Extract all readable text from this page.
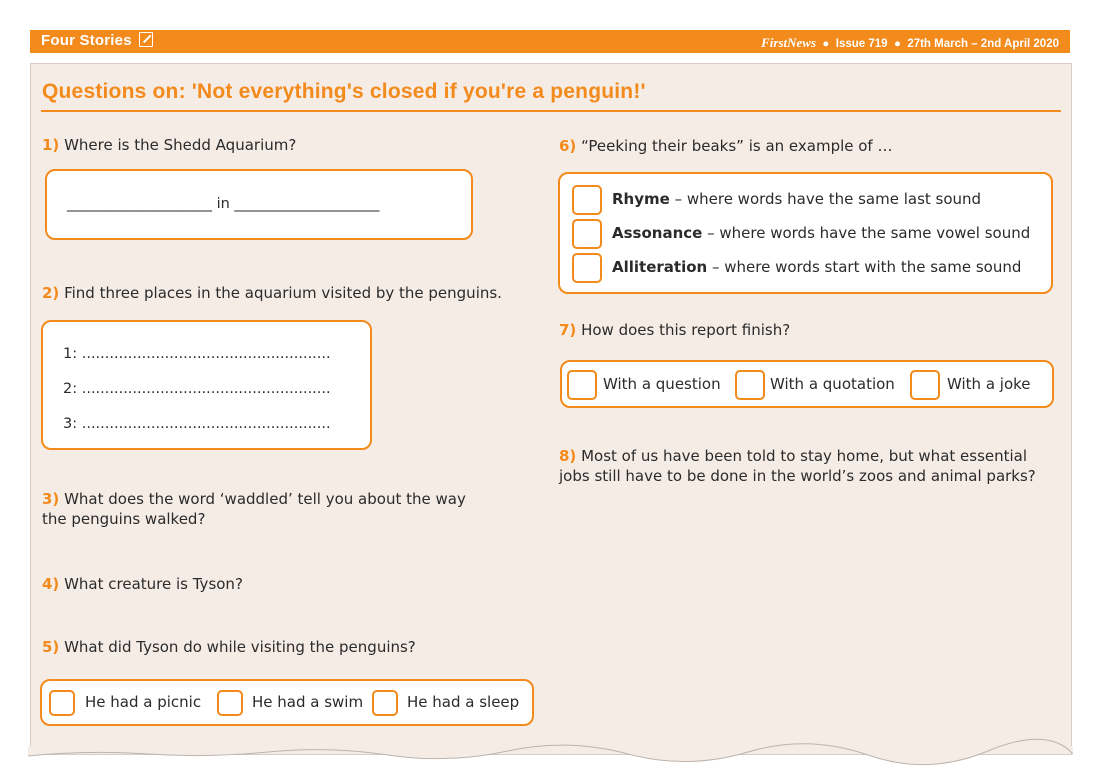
Four Stories	FirstNews  ●  Issue 719  ●  27th March – 2nd April 2020
Questions on: 'Not everything's closed if you're a penguin!'
1) Where is the Shedd Aquarium?
____________________ in ____________________
2) Find three places in the aquarium visited by the penguins.
1: ......................................................
2: ......................................................
3: ......................................................
3) What does the word ‘waddled’ tell you about the way
the penguins walked?
4) What creature is Tyson?
5) What did Tyson do while visiting the penguins?
He had a picnic	He had a swim	He had a sleep
6) “Peeking their beaks” is an example of …
Rhyme – where words have the same last sound
Assonance – where words have the same vowel sound
Alliteration – where words start with the same sound
7) How does this report finish?
With a question	With a quotation	With a joke
8) Most of us have been told to stay home, but what essential
jobs still have to be done in the world’s zoos and animal parks?
